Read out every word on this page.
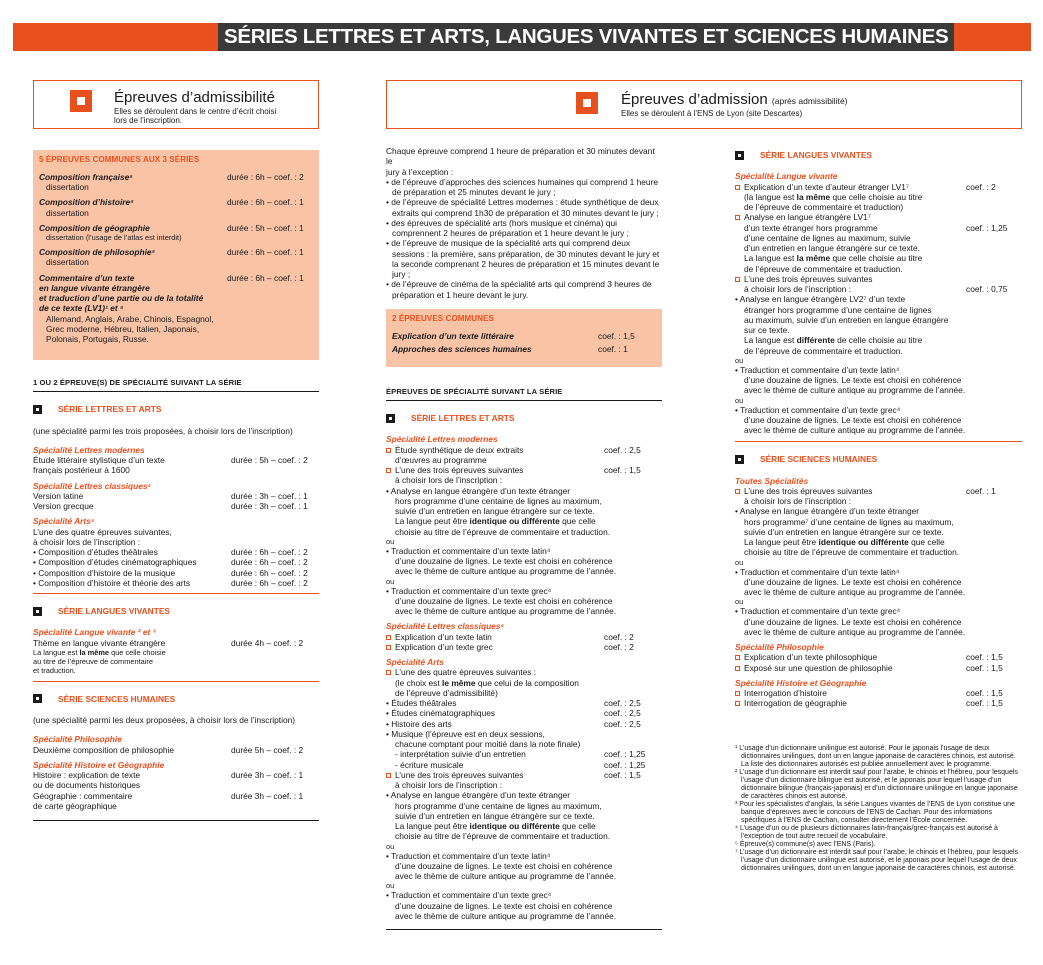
SÉRIES LETTRES ET ARTS, LANGUES VIVANTES ET SCIENCES HUMAINES
Épreuves d’admissibilité
Elles se déroulent dans le centre d’écrit choisi
lors de l’inscription.
5 ÉPREUVES COMMUNES AUX 3 SÉRIES
Composition française⁵	durée : 6h – coef. : 2
dissertation
Composition d’histoire⁵	durée : 6h – coef. : 1
dissertation
Composition de géographie	durée : 5h – coef. : 1
dissertation (l’usage de l’atlas est interdit)
Composition de philosophie⁵	durée : 6h – coef. : 1
dissertation
Commentaire d’un texte	durée : 6h – coef. : 1
en langue vivante étrangère
et traduction d’une partie ou de la totalité
de ce texte (LV1)¹ et ⁵
Allemand, Anglais, Arabe, Chinois, Espagnol,
Grec moderne, Hébreu, Italien, Japonais,
Polonais, Portugais, Russe.
1 OU 2 ÉPREUVE(S) DE SPÉCIALITÉ SUIVANT LA SÉRIE
SÉRIE LETTRES ET ARTS
(une spécialité parmi les trois proposées, à choisir lors de l’inscription)
Spécialité Lettres modernes
Étude littéraire stylistique d’un texte	durée : 5h – coef. : 2
français postérieur à 1600
Spécialité Lettres classiques⁴
Version latine	durée : 3h – coef. : 1
Version grecque	durée : 3h – coef. : 1
Spécialité Arts⁵
L’une des quatre épreuves suivantes,
à choisir lors de l’inscription :
• Composition d’études théâtrales	durée : 6h – coef. : 2
• Composition d’études cinématographiques	durée : 6h – coef. : 2
• Composition d’histoire de la musique	durée : 6h – coef. : 2
• Composition d’histoire et théorie des arts	durée : 6h – coef. : 2
SÉRIE LANGUES VIVANTES
Spécialité Langue vivante ² et ³
Thème en langue vivante étrangère	durée 4h – coef. : 2
La langue est la même que celle choisie
au titre de l’épreuve de commentaire
et traduction.
SÉRIE SCIENCES HUMAINES
(une spécialité parmi les deux proposées, à choisir lors de l’inscription)
Spécialité Philosophie
Deuxième composition de philosophie	durée 5h – coef. : 2
Spécialité Histoire et Géographie
Histoire : explication de texte	durée 3h – coef. : 1
ou de documents historiques
Géographie : commentaire	durée 3h – coef. : 1
de carte géographique
Épreuves d’admission (après admissibilité)
Elles se déroulent à l’ENS de Lyon (site Descartes)
Chaque épreuve comprend 1 heure de préparation et 30 minutes devant le
jury à l’exception :
• de l’épreuve d’approches des sciences humaines qui comprend 1 heure de préparation et 25 minutes devant le jury ;
• de l’épreuve de spécialité Lettres modernes : étude synthétique de deux extraits qui comprend 1h30 de préparation et 30 minutes devant le jury ;
• des épreuves de spécialité arts (hors musique et cinéma) qui comprennent 2 heures de préparation et 1 heure devant le jury ;
• de l’épreuve de musique de la spécialité arts qui comprend deux sessions : la première, sans préparation, de 30 minutes devant le jury et la seconde comprenant 2 heures de préparation et 15 minutes devant le jury ;
• de l’épreuve de cinéma de la spécialité arts qui comprend 3 heures de préparation et 1 heure devant le jury.
2 ÉPREUVES COMMUNES
Explication d’un texte littéraire	coef. : 1,5
Approches des sciences humaines	coef. : 1
ÉPREUVES DE SPÉCIALITÉ SUIVANT LA SÉRIE
SÉRIE LETTRES ET ARTS
Spécialité Lettres modernes
Étude synthétique de deux extraits	coef. : 2,5
d’œuvres au programme
L’une des trois épreuves suivantes	coef. : 1,5
à choisir lors de l’inscription :
• Analyse en langue étrangère d’un texte étranger
hors programme d’une centaine de lignes au maximum,
suivie d’un entretien en langue étrangère sur ce texte.
La langue peut être identique ou différente que celle
choisie au titre de l’épreuve de commentaire et traduction.
ou
• Traduction et commentaire d’un texte latin⁴
d’une douzaine de lignes. Le texte est choisi en cohérence
avec le thème de culture antique au programme de l’année.
ou
• Traduction et commentaire d’un texte grec⁴
d’une douzaine de lignes. Le texte est choisi en cohérence
avec le thème de culture antique au programme de l’année.
Spécialité Lettres classiques⁴
Explication d’un texte latin	coef. : 2
Explication d’un texte grec	coef. : 2
Spécialité Arts
L’une des quatre épreuves suivantes :
(le choix est le même que celui de la composition
de l’épreuve d’admissibilité)
• Études théâtrales	coef. : 2,5
• Études cinématographiques	coef. : 2,5
• Histoire des arts	coef. : 2,5
• Musique (l’épreuve est en deux sessions,
chacune comptant pour moitié dans la note finale)
- interprétation suivie d’un entretien	coef. : 1,25
- écriture musicale	coef. : 1,25
L’une des trois épreuves suivantes	coef. : 1,5
à choisir lors de l’inscription :
• Analyse en langue étrangère d’un texte étranger
hors programme d’une centaine de lignes au maximum,
suivie d’un entretien en langue étrangère sur ce texte.
La langue peut être identique ou différente que celle
choisie au titre de l’épreuve de commentaire et traduction.
ou
• Traduction et commentaire d’un texte latin⁴
d’une douzaine de lignes. Le texte est choisi en cohérence
avec le thème de culture antique au programme de l’année.
ou
• Traduction et commentaire d’un texte grec⁴
d’une douzaine de lignes. Le texte est choisi en cohérence
avec le thème de culture antique au programme de l’année.
SÉRIE LANGUES VIVANTES
Spécialité Langue vivante
Explication d’un texte d’auteur étranger LV1⁷	coef. : 2
(la langue est la même que celle choisie au titre
de l’épreuve de commentaire et traduction)
Analyse en langue étrangère LV1⁷
d’un texte étranger hors programme	coef. : 1,25
d’une centaine de lignes au maximum, suivie
d’un entretien en langue étrangère sur ce texte.
La langue est la même que celle choisie au titre
de l’épreuve de commentaire et traduction.
L’une des trois épreuves suivantes
à choisir lors de l’inscription :	coef. : 0,75
• Analyse en langue étrangère LV2⁷ d’un texte
étranger hors programme d’une centaine de lignes
au maximum, suivie d’un entretien en langue étrangère
sur ce texte.
La langue est différente de celle choisie au titre
de l’épreuve de commentaire et traduction.
ou
• Traduction et commentaire d’un texte latin⁴
d’une douzaine de lignes. Le texte est choisi en cohérence
avec le thème de culture antique au programme de l’année.
ou
• Traduction et commentaire d’un texte grec⁴
d’une douzaine de lignes. Le texte est choisi en cohérence
avec le thème de culture antique au programme de l’année.
SÉRIE SCIENCES HUMAINES
Toutes Spécialités
L’une des trois épreuves suivantes	coef. : 1
à choisir lors de l’inscription :
• Analyse en langue étrangère d’un texte étranger
hors programme⁷ d’une centaine de lignes au maximum,
suivie d’un entretien en langue étrangère sur ce texte.
La langue peut être identique ou différente que celle
choisie au titre de l’épreuve de commentaire et traduction.
ou
• Traduction et commentaire d’un texte latin⁴
d’une douzaine de lignes. Le texte est choisi en cohérence
avec le thème de culture antique au programme de l’année.
ou
• Traduction et commentaire d’un texte grec⁴
d’une douzaine de lignes. Le texte est choisi en cohérence
avec le thème de culture antique au programme de l’année.
Spécialité Philosophie
Explication d’un texte philosophique	coef. : 1,5
Exposé sur une question de philosophie	coef. : 1,5
Spécialité Histoire et Géographie
Interrogation d’histoire	coef. : 1,5
Interrogation de géographie	coef. : 1,5
¹ L’usage d’un dictionnaire unilingue est autorisé. Pour le japonais l’usage de deux dictionnaires unilingues, dont un en langue japonaise de caractères chinois, est autorisé. La liste des dictionnaires autorisés est publiée annuellement avec le programme.
² L’usage d’un dictionnaire est interdit sauf pour l’arabe, le chinois et l’hébreu, pour lesquels l’usage d’un dictionnaire bilingue est autorisé, et le japonais pour lequel l’usage d’un dictionnaire bilingue (français-japonais) et d’un dictionnaire unilingue en langue japonaise de caractères chinois est autorisé.
³ Pour les spécialistes d’anglais, la série Langues vivantes de l’ENS de Lyon constitue une banque d’épreuves avec le concours de l’ENS de Cachan. Pour des informations spécifiques à l’ENS de Cachan, consulter directement l’École concernée.
⁴ L’usage d’un ou de plusieurs dictionnaires latin-français/grec-français est autorisé à l’exception de tout autre recueil de vocabulaire.
⁵ Épreuve(s) commune(s) avec l’ENS (Paris).
⁷ L’usage d’un dictionnaire est interdit sauf pour l’arabe, le chinois et l’hébreu, pour lesquels l’usage d’un dictionnaire unilingue est autorisé, et le japonais pour lequel l’usage de deux dictionnaires unilingues, dont un en langue japonaise de caractères chinois, est autorisé.
